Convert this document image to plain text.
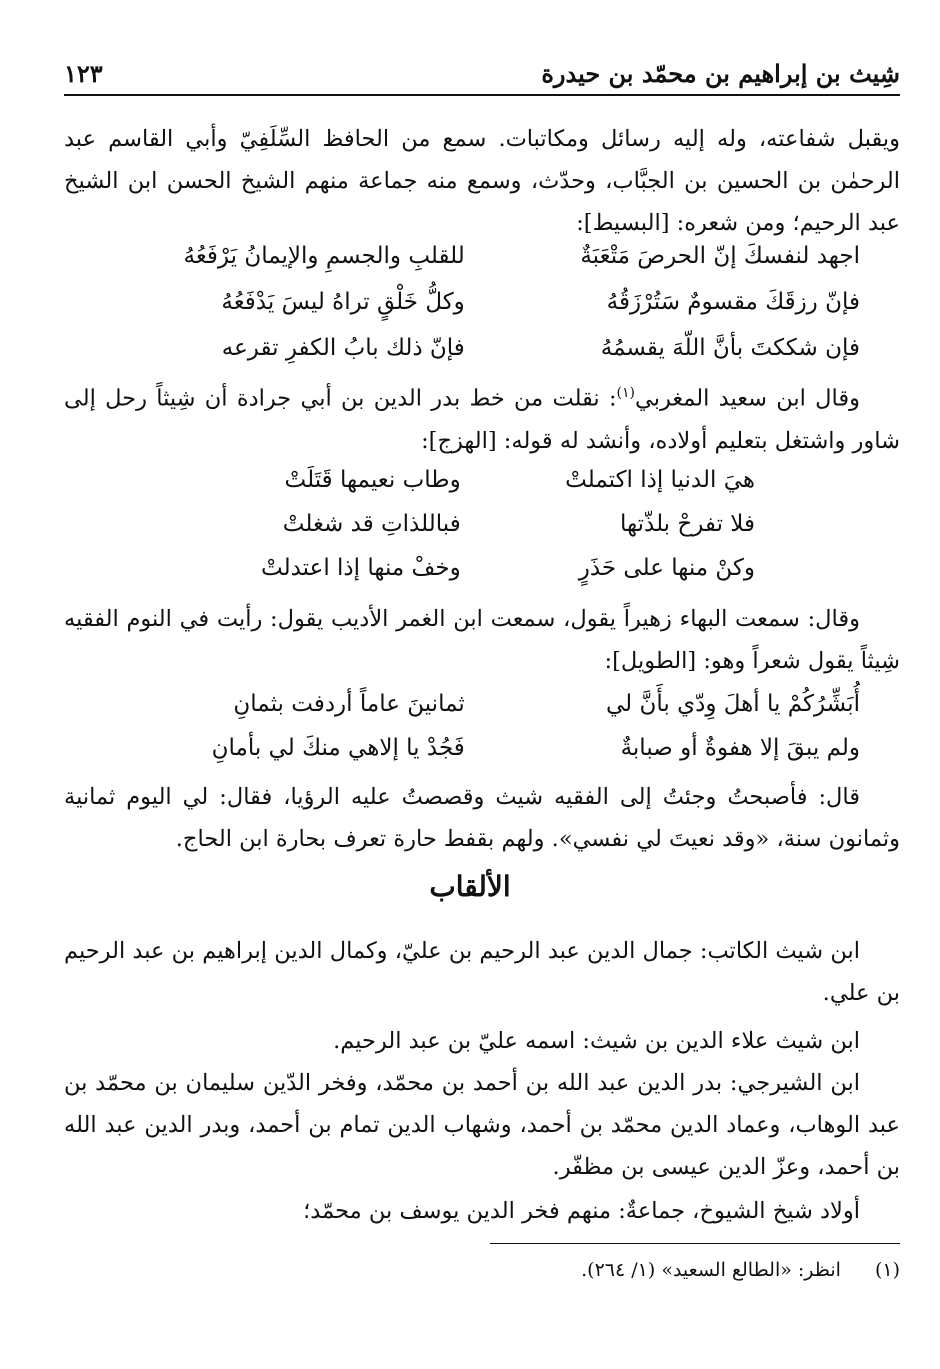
شِيث بن إبراهيم بن محمّد بن حيدرة
١٢٣
ويقبل شفاعته، وله إليه رسائل ومكاتبات. سمع من الحافظ السِّلَفِيّ وأبي القاسم عبد الرحمٰن بن الحسين بن الجبَّاب، وحدّث، وسمع منه جماعة منهم الشيخ الحسن ابن الشيخ عبد الرحيم؛ ومن شعره: [البسيط]:
اجهد لنفسكَ إنّ الحرصَ مَتْعَبَةٌ
للقلبِ والجسمِ والإيمانُ يَرْفَعُهُ
فإنّ رزقَكَ مقسومٌ سَتُرْزَقُهُ
وكلُّ خَلْقٍ تراهُ ليسَ يَدْفَعُهُ
فإن شككتَ بأنَّ اللّهَ يقسمُهُ
فإنّ ذلك بابُ الكفرِ تقرعه
وقال ابن سعيد المغربي$^{(١)}$: نقلت من خط بدر الدين بن أبي جرادة أن شِيثاً رحل إلى شاور واشتغل بتعليم أولاده، وأنشد له قوله: [الهزج]:
هيَ الدنيا إذا اكتملتْ
وطاب نعيمها قَتَلَتْ
فلا تفرحْ بلذّتها
فباللذاتِ قد شغلتْ
وكنْ منها على حَذَرٍ
وخفْ منها إذا اعتدلتْ
وقال: سمعت البهاء زهيراً يقول، سمعت ابن الغمر الأديب يقول: رأيت في النوم الفقيه شِيثاً يقول شعراً وهو: [الطويل]:
أُبَشِّرُكُمْ يا أهلَ وِدّي بأَنَّ لي
ثمانينَ عاماً أردفت بثمانِ
ولم يبقَ إلا هفوةٌ أو صبابةٌ
فَجُدْ يا إلاهي منكَ لي بأمانِ
قال: فأصبحتُ وجئتُ إلى الفقيه شيث وقصصتُ عليه الرؤيا، فقال: لي اليوم ثمانية وثمانون سنة، «وقد نعيتَ لي نفسي». ولهم بقفط حارة تعرف بحارة ابن الحاج.
الألقاب
ابن شيث الكاتب: جمال الدين عبد الرحيم بن عليّ، وكمال الدين إبراهيم بن عبد الرحيم بن علي.
ابن شيث علاء الدين بن شيث: اسمه عليّ بن عبد الرحيم.
ابن الشيرجي: بدر الدين عبد الله بن أحمد بن محمّد، وفخر الدّين سليمان بن محمّد بن عبد الوهاب، وعماد الدين محمّد بن أحمد، وشهاب الدين تمام بن أحمد، وبدر الدين عبد الله بن أحمد، وعزّ الدين عيسى بن مظفّر.
أولاد شيخ الشيوخ، جماعةٌ: منهم فخر الدين يوسف بن محمّد؛
(١)انظر: «الطالع السعيد» (١/ ٢٦٤).
